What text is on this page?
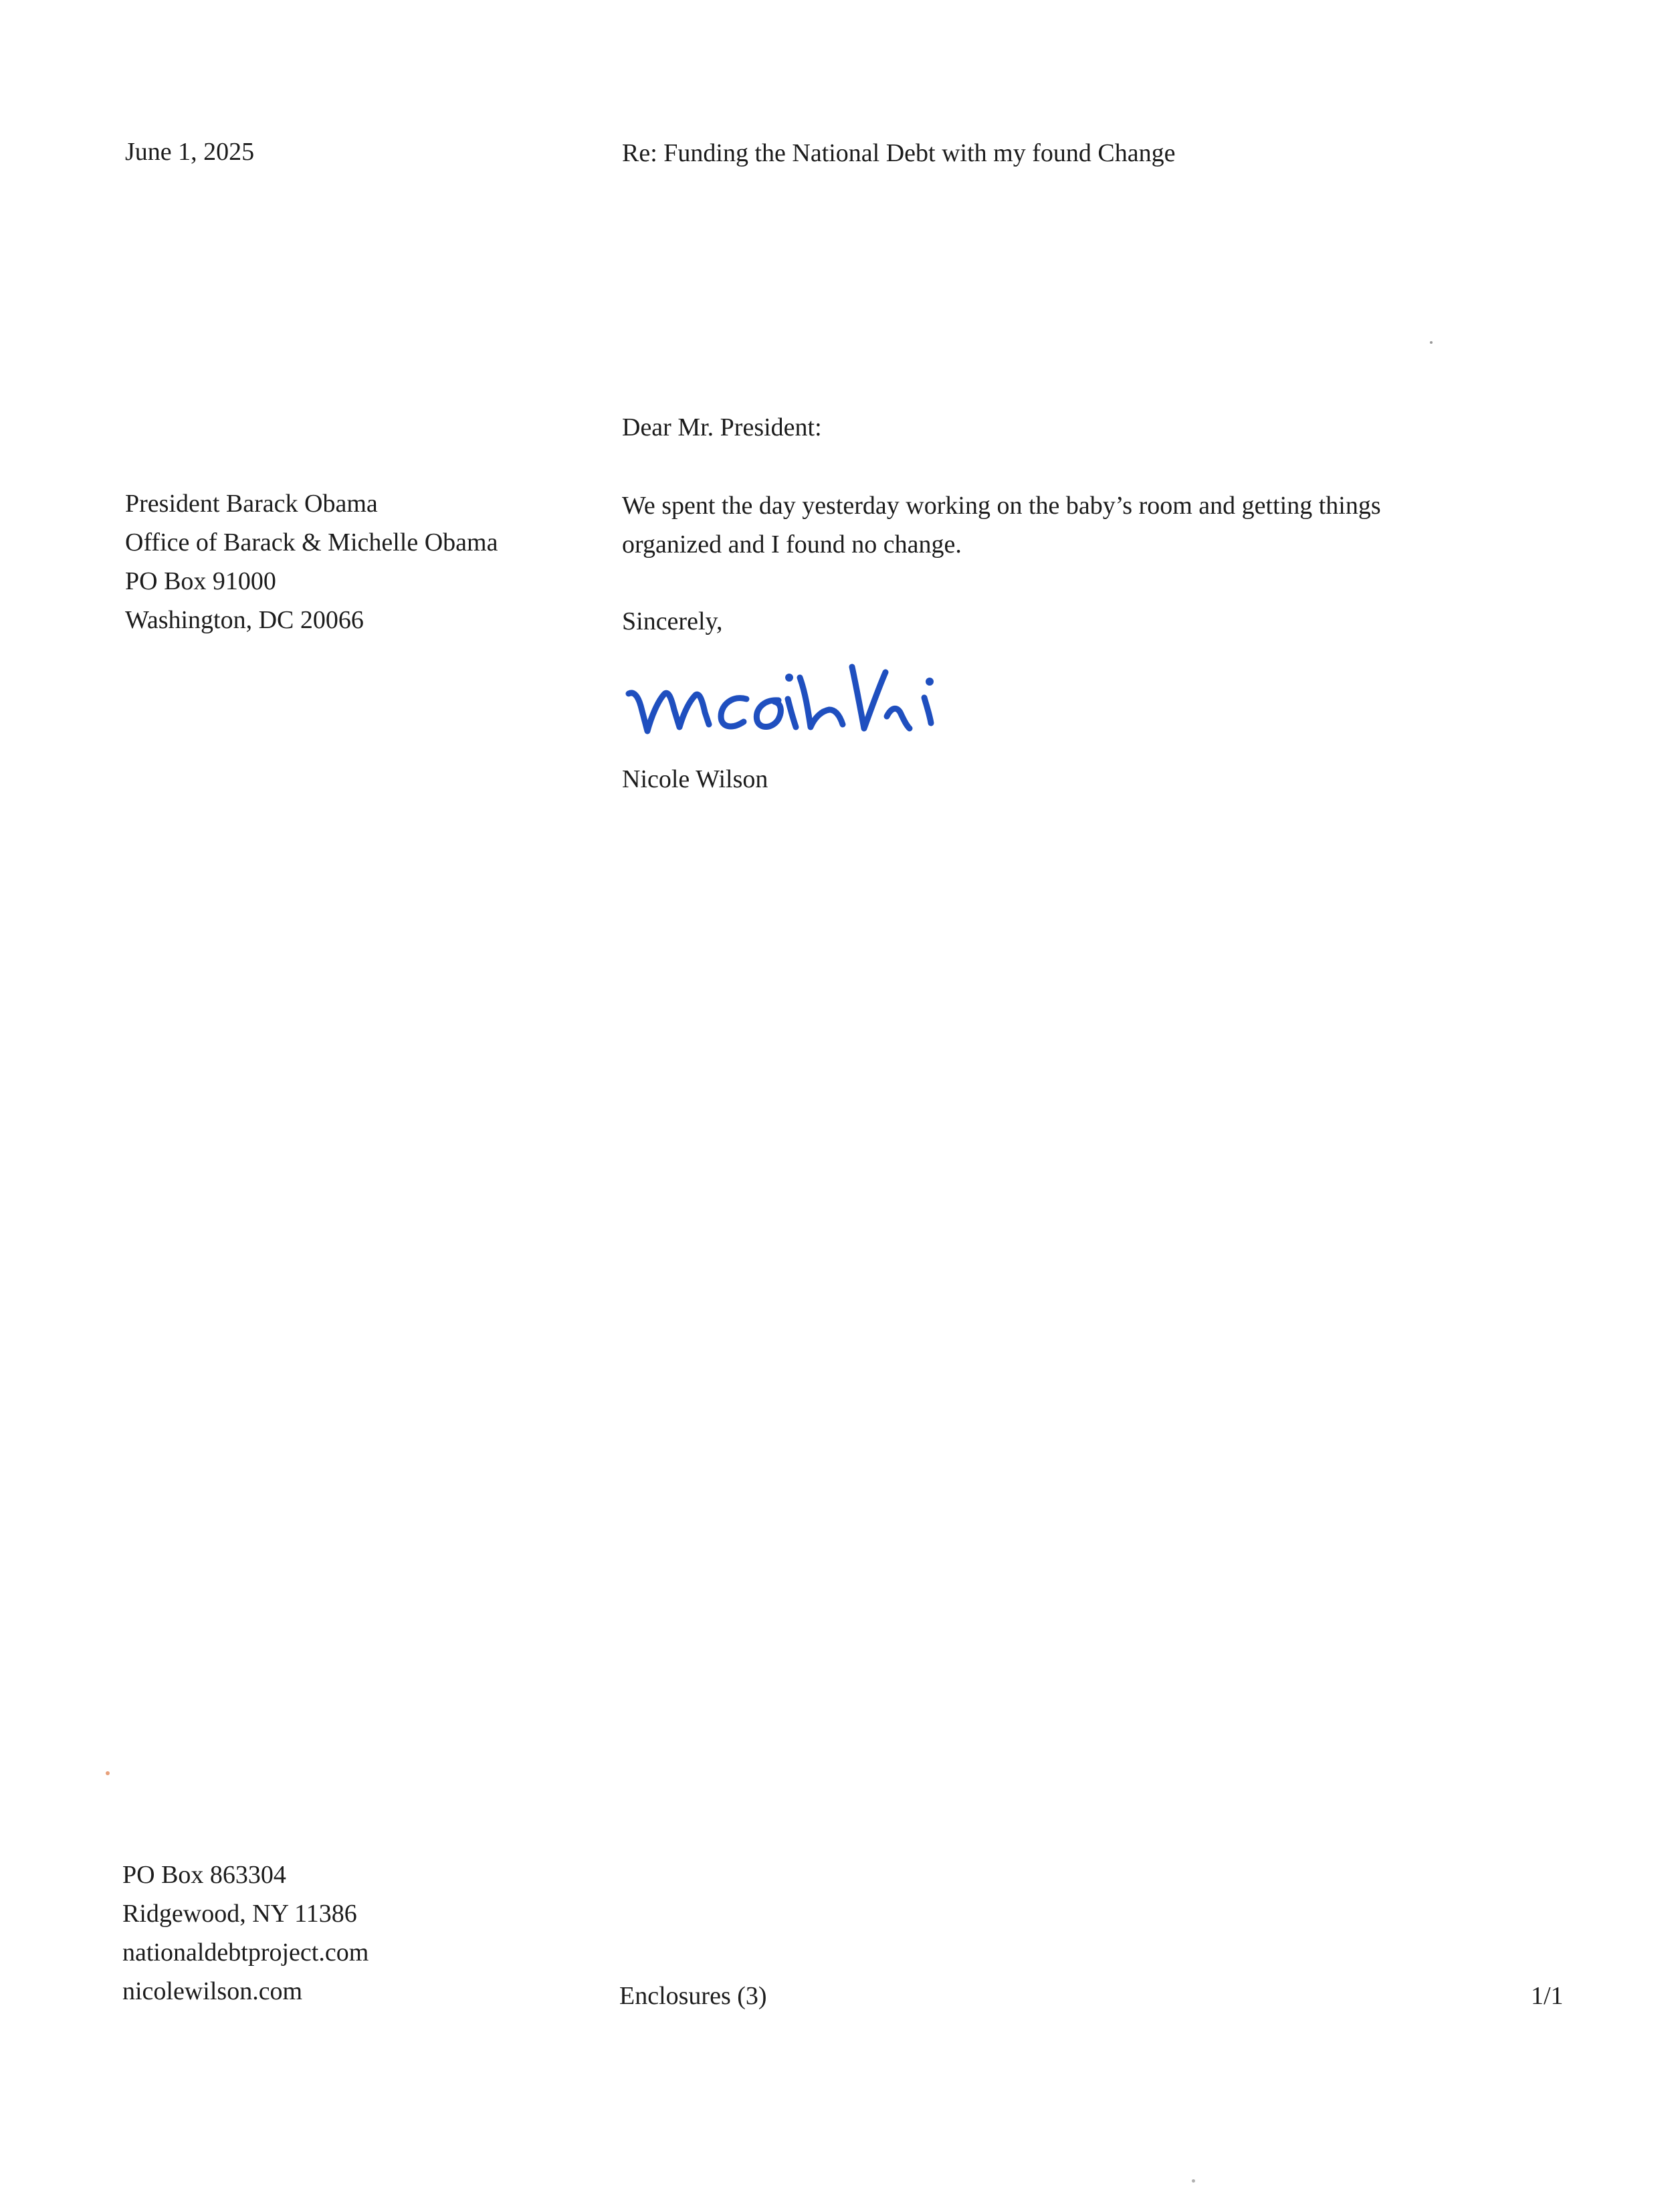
June 1, 2025	Re: Funding the National Debt with my found Change
Dear Mr. President:
President Barack Obama
Office of Barack & Michelle Obama
PO Box 91000
Washington, DC 20066
We spent the day yesterday working on the baby’s room and getting things
organized and I found no change.
Sincerely,
Nicole Wilson
PO Box 863304
Ridgewood, NY 11386
nationaldebtproject.com
nicolewilson.com	Enclosures (3)	1/1
